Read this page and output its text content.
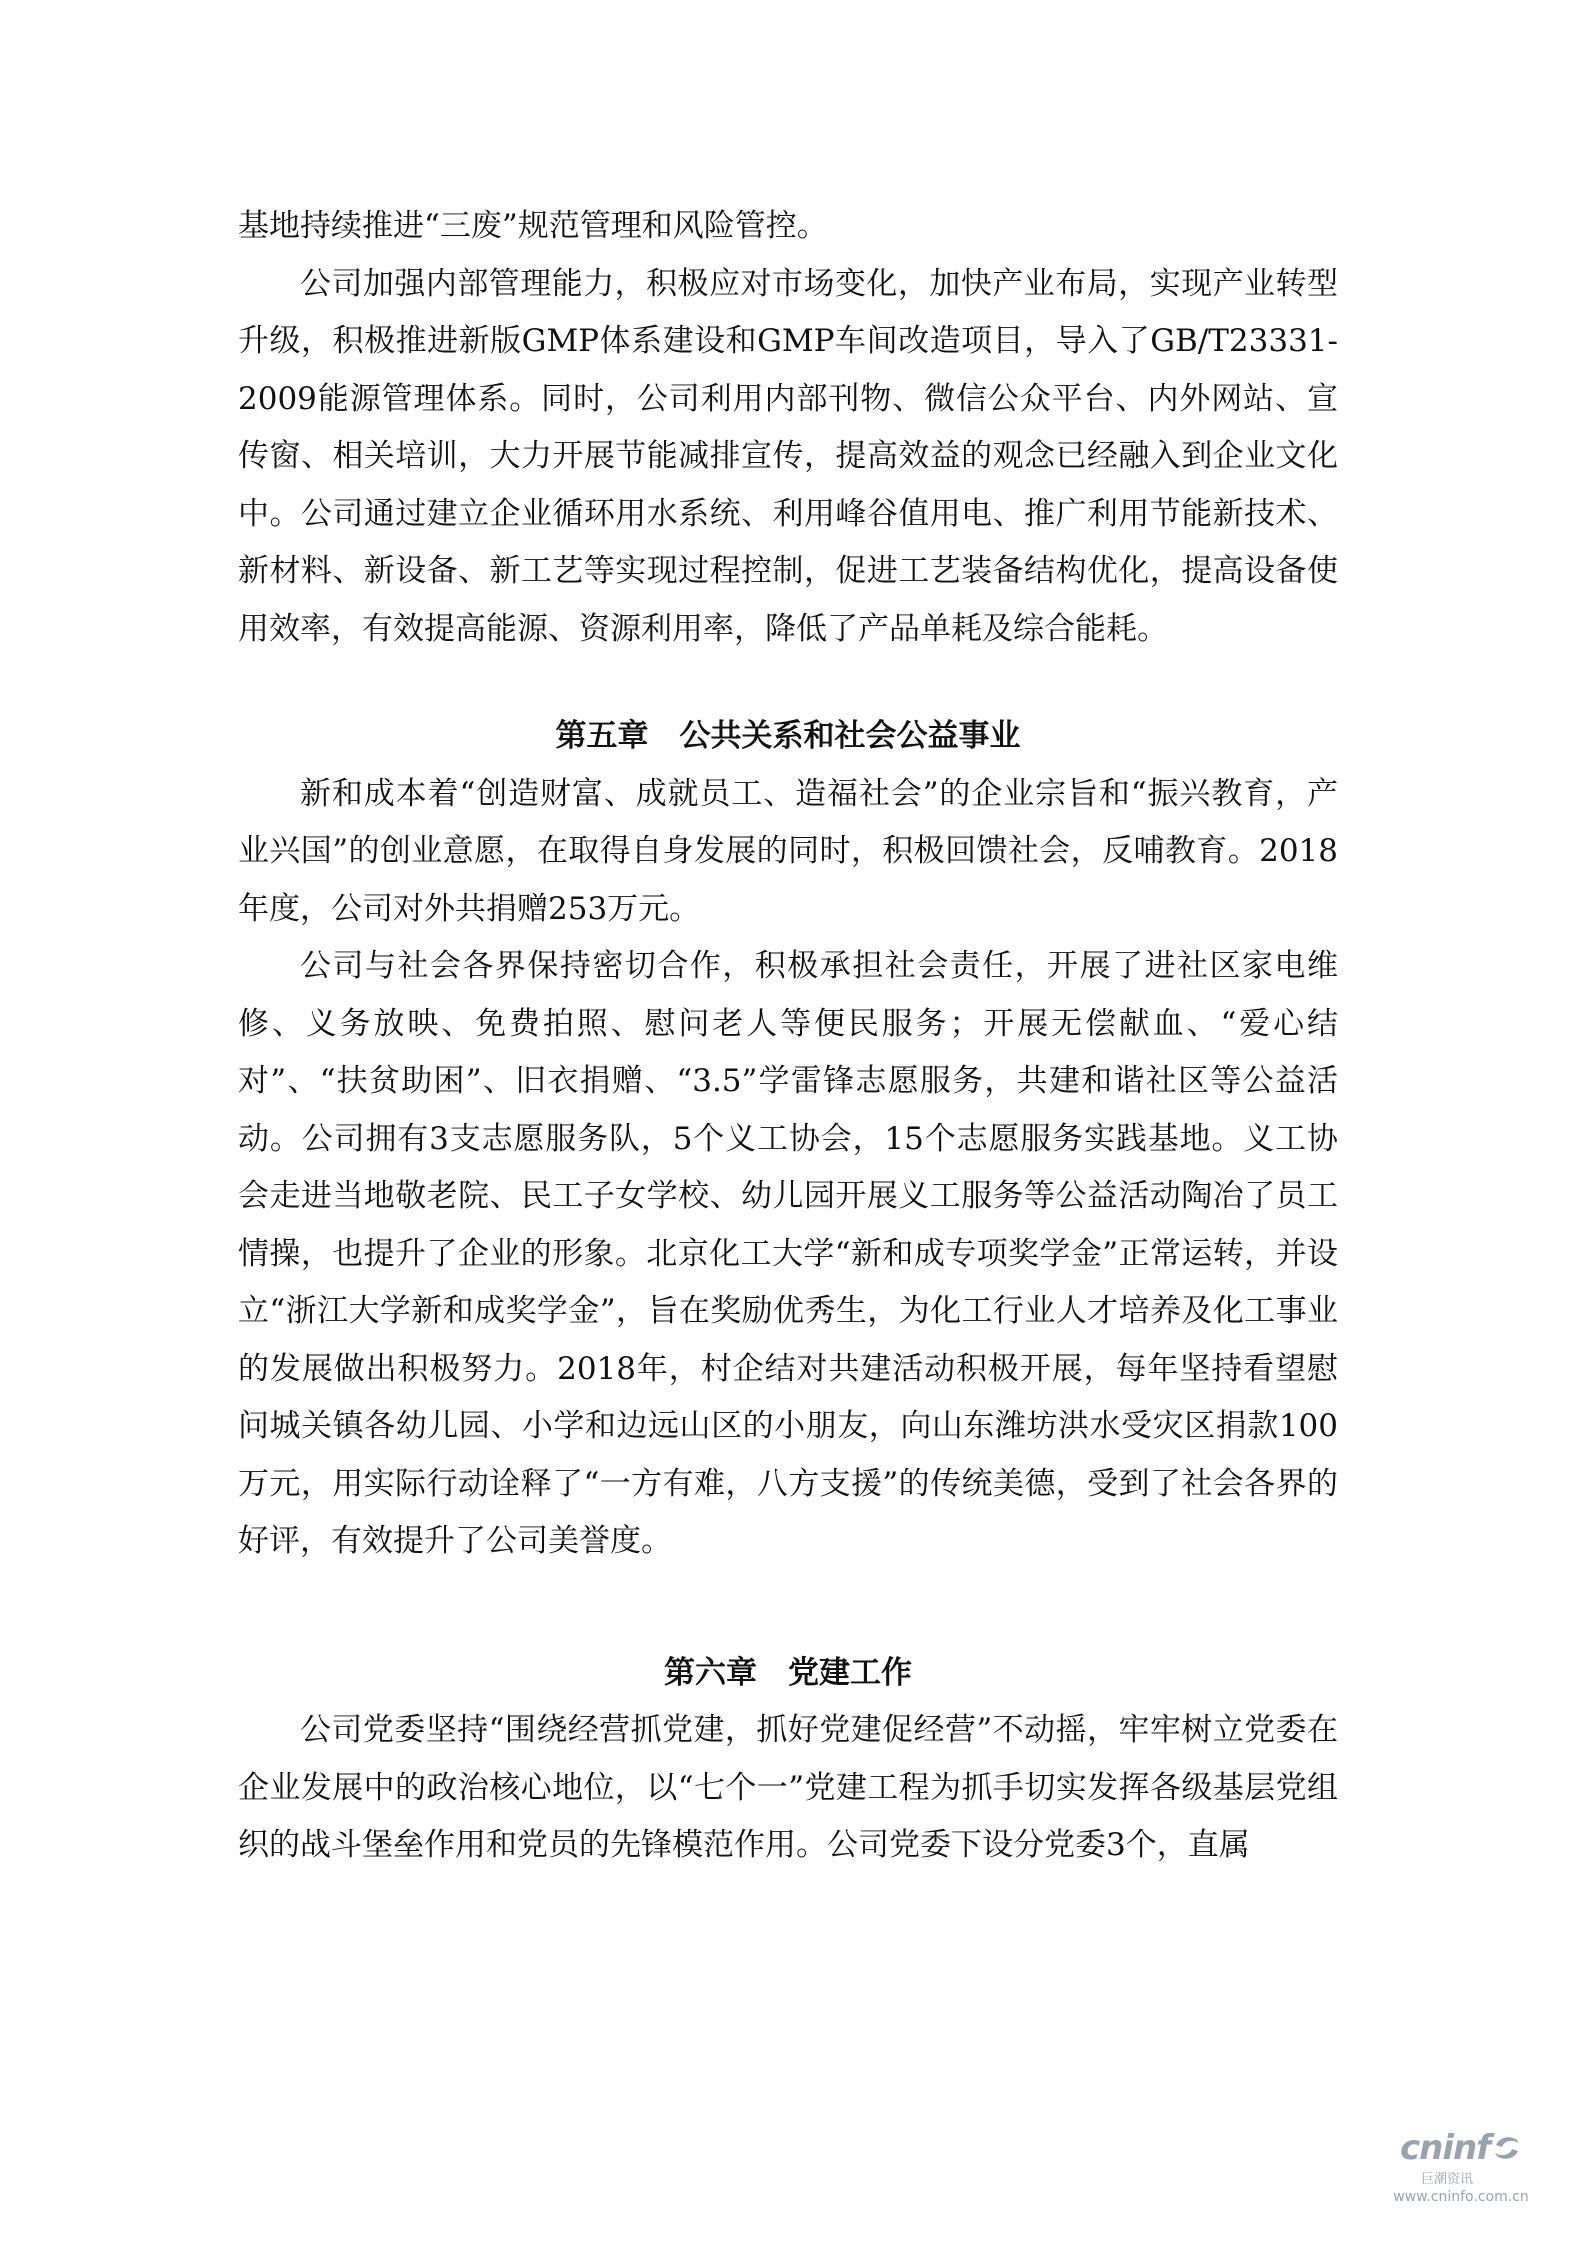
基地持续推进“三废”规范管理和风险管控。

公司加强内部管理能力，积极应对市场变化，加快产业布局，实现产业转型升级，积极推进新版GMP体系建设和GMP车间改造项目，导入了GB/T23331-2009能源管理体系。同时，公司利用内部刊物、微信公众平台、内外网站、宣传窗、相关培训，大力开展节能减排宣传，提高效益的观念已经融入到企业文化中。公司通过建立企业循环用水系统、利用峰谷值用电、推广利用节能新技术、新材料、新设备、新工艺等实现过程控制，促进工艺装备结构优化，提高设备使用效率，有效提高能源、资源利用率，降低了产品单耗及综合能耗。

第五章　公共关系和社会公益事业

新和成本着“创造财富、成就员工、造福社会”的企业宗旨和“振兴教育，产业兴国”的创业意愿，在取得自身发展的同时，积极回馈社会，反哺教育。2018年度，公司对外共捐赠253万元。

公司与社会各界保持密切合作，积极承担社会责任，开展了进社区家电维修、义务放映、免费拍照、慰问老人等便民服务；开展无偿献血、“爱心结对”、“扶贫助困”、旧衣捐赠、“3.5”学雷锋志愿服务，共建和谐社区等公益活动。公司拥有3支志愿服务队，5个义工协会，15个志愿服务实践基地。义工协会走进当地敬老院、民工子女学校、幼儿园开展义工服务等公益活动陶冶了员工情操，也提升了企业的形象。北京化工大学“新和成专项奖学金”正常运转，并设立“浙江大学新和成奖学金”，旨在奖励优秀生，为化工行业人才培养及化工事业的发展做出积极努力。2018年，村企结对共建活动积极开展，每年坚持看望慰问城关镇各幼儿园、小学和边远山区的小朋友，向山东潍坊洪水受灾区捐款100万元，用实际行动诠释了“一方有难，八方支援”的传统美德，受到了社会各界的好评，有效提升了公司美誉度。

第六章　党建工作

公司党委坚持“围绕经营抓党建，抓好党建促经营”不动摇，牢牢树立党委在企业发展中的政治核心地位，以“七个一”党建工程为抓手切实发挥各级基层党组织的战斗堡垒作用和党员的先锋模范作用。公司党委下设分党委3个，直属

cninf
巨潮资讯
www.cninfo.com.cn
